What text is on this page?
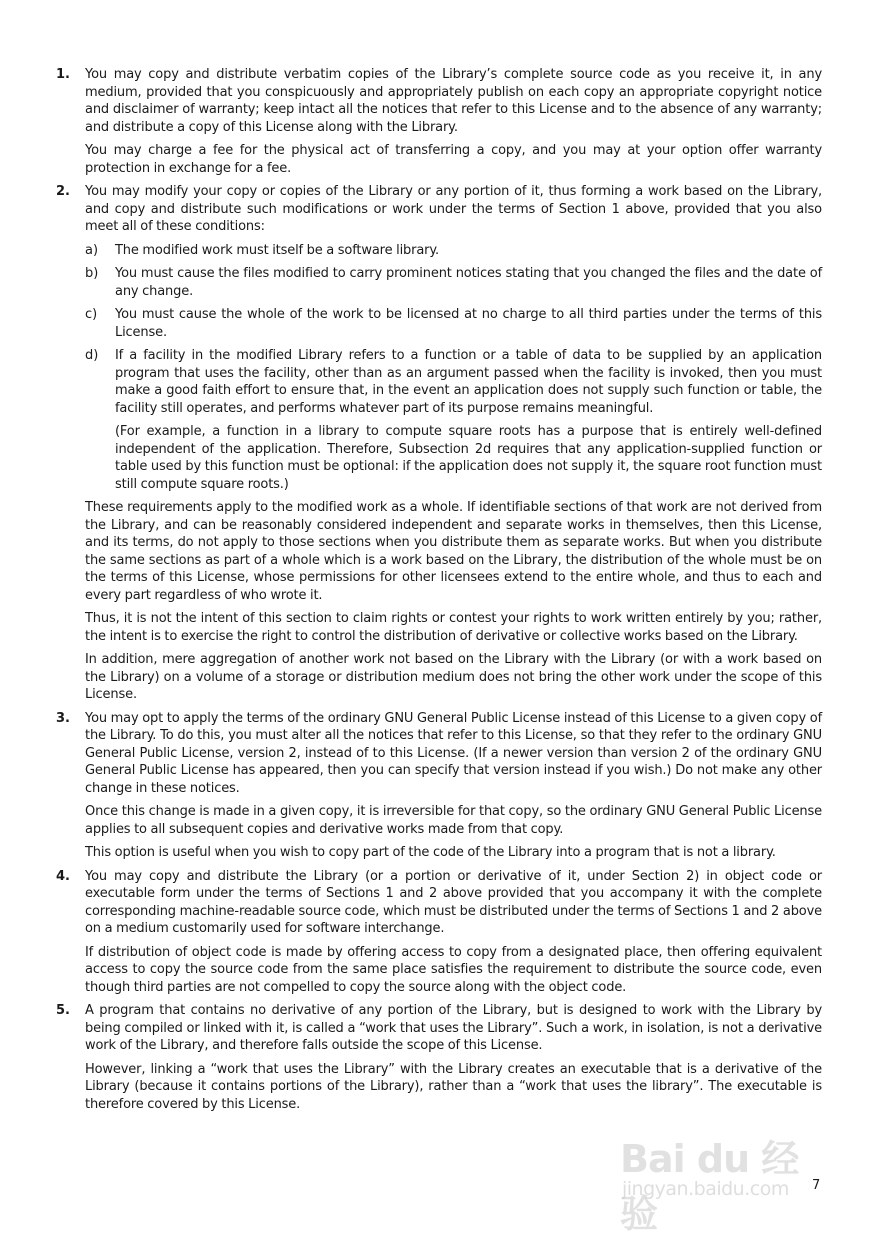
1. You may copy and distribute verbatim copies of the Library’s complete source code as you receive it, in any medium, provided that you conspicuously and appropriately publish on each copy an appropriate copyright notice and disclaimer of warranty; keep intact all the notices that refer to this License and to the absence of any warranty; and distribute a copy of this License along with the Library.

You may charge a fee for the physical act of transferring a copy, and you may at your option offer warranty protection in exchange for a fee.

2. You may modify your copy or copies of the Library or any portion of it, thus forming a work based on the Library, and copy and distribute such modifications or work under the terms of Section 1 above, provided that you also meet all of these conditions:

a) The modified work must itself be a software library.

b) You must cause the files modified to carry prominent notices stating that you changed the files and the date of any change.

c) You must cause the whole of the work to be licensed at no charge to all third parties under the terms of this License.

d) If a facility in the modified Library refers to a function or a table of data to be supplied by an application program that uses the facility, other than as an argument passed when the facility is invoked, then you must make a good faith effort to ensure that, in the event an application does not supply such function or table, the facility still operates, and performs whatever part of its purpose remains meaningful.

(For example, a function in a library to compute square roots has a purpose that is entirely well-defined independent of the application. Therefore, Subsection 2d requires that any application-supplied function or table used by this function must be optional: if the application does not supply it, the square root function must still compute square roots.)

These requirements apply to the modified work as a whole. If identifiable sections of that work are not derived from the Library, and can be reasonably considered independent and separate works in themselves, then this License, and its terms, do not apply to those sections when you distribute them as separate works. But when you distribute the same sections as part of a whole which is a work based on the Library, the distribution of the whole must be on the terms of this License, whose permissions for other licensees extend to the entire whole, and thus to each and every part regardless of who wrote it.

Thus, it is not the intent of this section to claim rights or contest your rights to work written entirely by you; rather, the intent is to exercise the right to control the distribution of derivative or collective works based on the Library.

In addition, mere aggregation of another work not based on the Library with the Library (or with a work based on the Library) on a volume of a storage or distribution medium does not bring the other work under the scope of this License.

3. You may opt to apply the terms of the ordinary GNU General Public License instead of this License to a given copy of the Library. To do this, you must alter all the notices that refer to this License, so that they refer to the ordinary GNU General Public License, version 2, instead of to this License. (If a newer version than version 2 of the ordinary GNU General Public License has appeared, then you can specify that version instead if you wish.) Do not make any other change in these notices.

Once this change is made in a given copy, it is irreversible for that copy, so the ordinary GNU General Public License applies to all subsequent copies and derivative works made from that copy.

This option is useful when you wish to copy part of the code of the Library into a program that is not a library.

4. You may copy and distribute the Library (or a portion or derivative of it, under Section 2) in object code or executable form under the terms of Sections 1 and 2 above provided that you accompany it with the complete corresponding machine-readable source code, which must be distributed under the terms of Sections 1 and 2 above on a medium customarily used for software interchange.

If distribution of object code is made by offering access to copy from a designated place, then offering equivalent access to copy the source code from the same place satisfies the requirement to distribute the source code, even though third parties are not compelled to copy the source along with the object code.

5. A program that contains no derivative of any portion of the Library, but is designed to work with the Library by being compiled or linked with it, is called a “work that uses the Library”. Such a work, in isolation, is not a derivative work of the Library, and therefore falls outside the scope of this License.

However, linking a “work that uses the Library” with the Library creates an executable that is a derivative of the Library (because it contains portions of the Library), rather than a “work that uses the library”. The executable is therefore covered by this License.

Bai du 经验
jingyan.baidu.com 7
